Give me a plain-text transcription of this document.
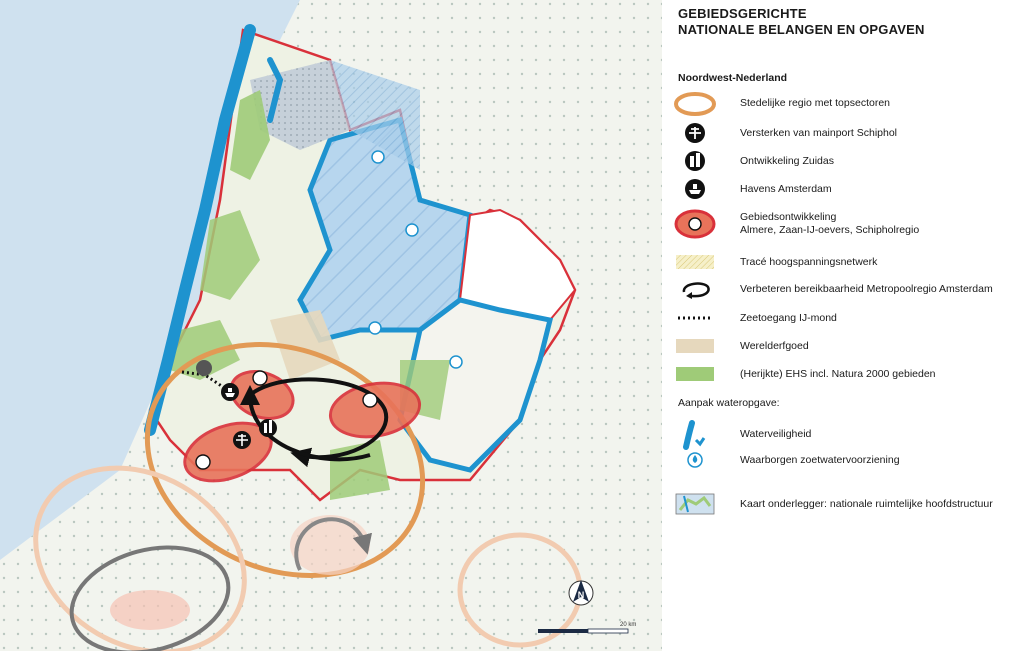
N
20 km
GEBIEDSGERICHTE
NATIONALE BELANGEN EN OPGAVEN
Noordwest-Nederland
Stedelijke regio met topsectoren
Versterken van mainport Schiphol
Ontwikkeling Zuidas
Havens Amsterdam
Gebiedsontwikkeling
Almere, Zaan-IJ-oevers, Schipholregio
Tracé hoogspanningsnetwerk
Verbeteren bereikbaarheid Metropoolregio Amsterdam
Zeetoegang IJ-mond
Werelderfgoed
(Herijkte) EHS incl. Natura 2000 gebieden
Aanpak wateropgave:
Waterveiligheid
Waarborgen zoetwatervoorziening
Kaart onderlegger: nationale ruimtelijke hoofdstructuur
